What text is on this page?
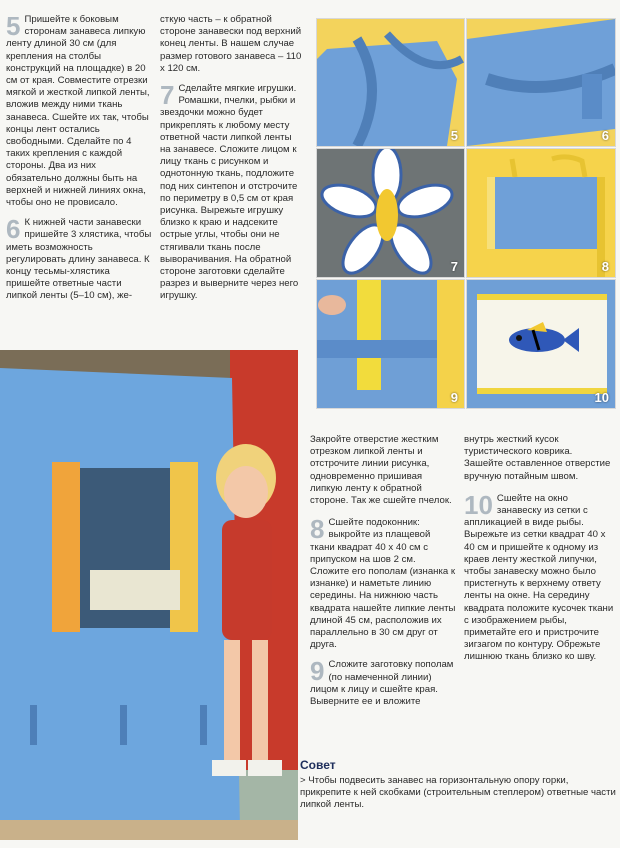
5 Пришейте к боковым сторонам занавеса липкую ленту длиной 30 см (для крепления на столбы конструкций на площадке) в 20 см от края. Совместите отрезки мягкой и жесткой липкой ленты, вложив между ними ткань занавеса. Сшейте их так, чтобы концы лент остались свободными. Сделайте по 4 таких крепления с каждой стороны. Два из них обязательно должны быть на верхней и нижней линиях окна, чтобы оно не провисало.
6 К нижней части занавески пришейте 3 хлястика, чтобы иметь возможность регулировать длину занавеса. К концу тесьмы-хлястика пришейте ответные части липкой ленты (5–10 см), же-
сткую часть – к обратной стороне занавески под верхний конец ленты. В нашем случае размер готового занавеса – 110 х 120 см.
7 Сделайте мягкие игрушки. Ромашки, пчелки, рыбки и звездочки можно будет прикреплять к любому месту ответной части липкой ленты на занавесе. Сложите лицом к лицу ткань с рисунком и однотонную ткань, подложите под них синтепон и отстрочите по периметру в 0,5 см от края рисунка. Вырежьте игрушку близко к краю и надсеките острые углы, чтобы они не стягивали ткань после выворачивания. На обратной стороне заготовки сделайте разрез и выверните через него игрушку.
5	6
7	8
9	10
Закройте отверстие жестким отрезком липкой ленты и отстрочите линии рисунка, одновременно пришивая липкую ленту к обратной стороне. Так же сшейте пчелок.
8 Сшейте подоконник: выкройте из плащевой ткани квадрат 40 х 40 см с припуском на шов 2 см. Сложите его пополам (изнанка к изнанке) и наметьте линию середины. На нижнюю часть квадрата нашейте липкие ленты длиной 45 см, расположив их параллельно в 30 см друг от друга.
9 Сложите заготовку пополам (по намеченной линии) лицом к лицу и сшейте края. Выверните ее и вложите
внутрь жесткий кусок туристического коврика. Зашейте оставленное отверстие вручную потайным швом.
10 Сшейте на окно занавеску из сетки с аппликацией в виде рыбы. Вырежьте из сетки квадрат 40 х 40 см и пришейте к одному из краев ленту жесткой липучки, чтобы занавеску можно было пристегнуть к верхнему ответу ленты на окне. На середину квадрата положите кусочек ткани с изображением рыбы, приметайте его и пристрочите зигзагом по контуру. Обрежьте лишнюю ткань близко ко шву.
Совет
> Чтобы подвесить занавес на горизонтальную опору горки, прикрепите к ней скобками (строительным степлером) ответные части липкой ленты.
